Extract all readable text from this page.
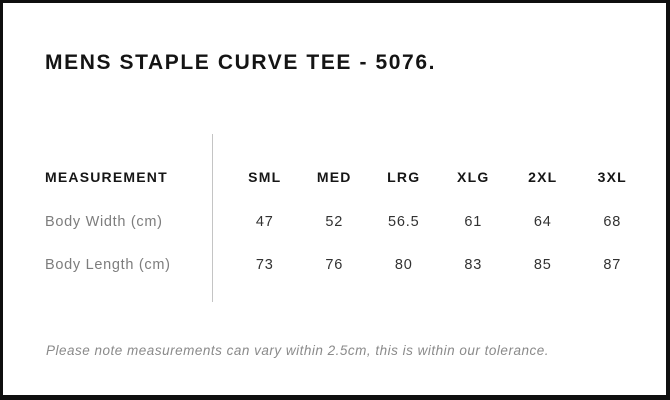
MENS STAPLE CURVE TEE - 5076.
MEASUREMENT	SML	MED	LRG	XLG	2XL	3XL
Body Width (cm)	47	52	56.5	61	64	68
Body Length (cm)	73	76	80	83	85	87
Please note measurements can vary within 2.5cm, this is within our tolerance.
